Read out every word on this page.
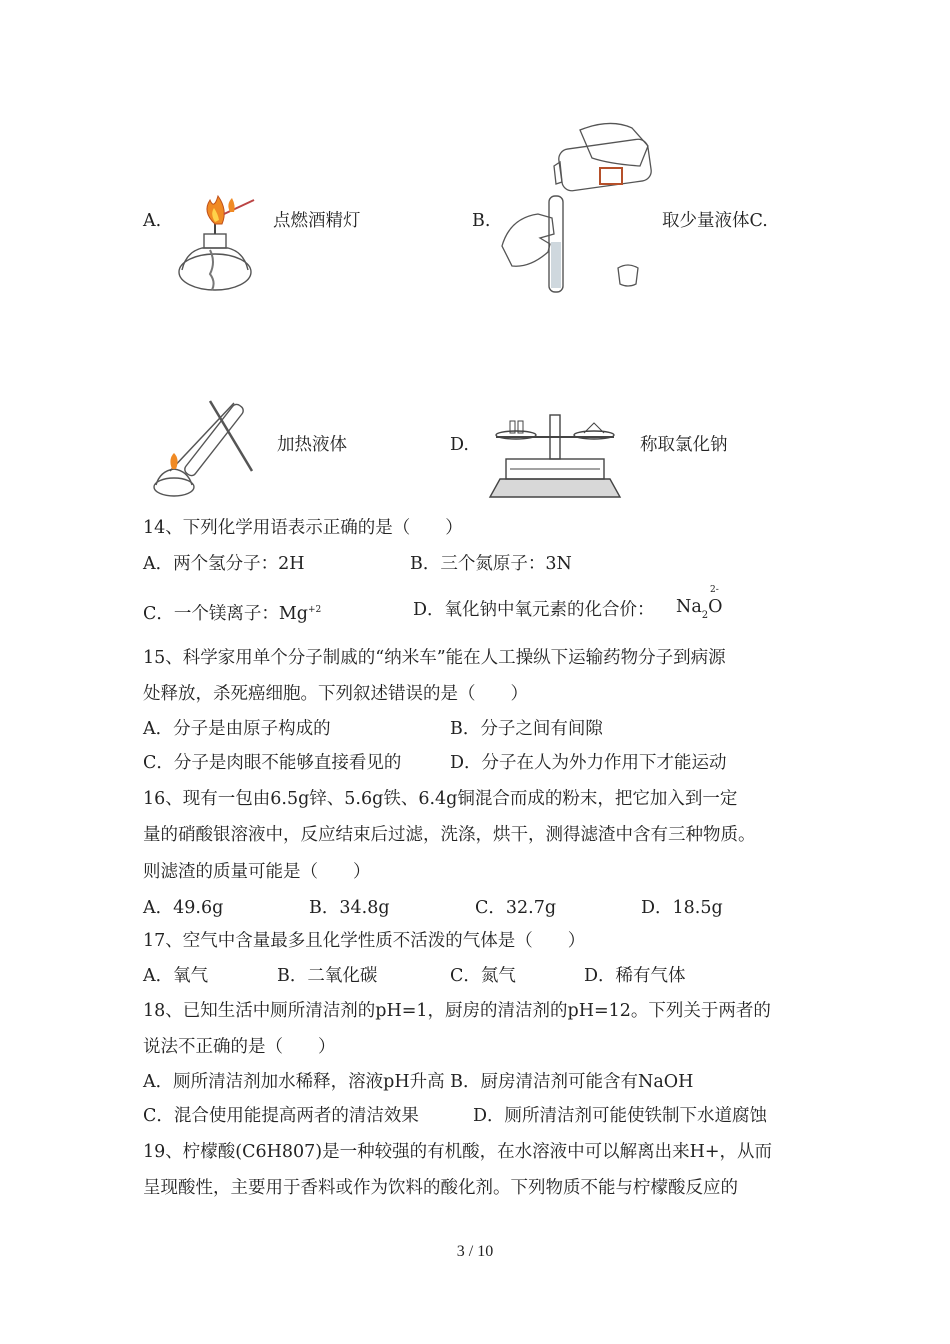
A.	点燃酒精灯	B.	取少量液体C.
加热液体	D.	称取氯化钠
14、下列化学用语表示正确的是（　　）
A．两个氢分子：2H	B．三个氮原子：3N
C．一个镁离子：$Mg^{+2}$	D．氧化钠中氧元素的化合价： $Na_2O$
2-
15、科学家用单个分子制戚的“纳米车”能在人工操纵下运输药物分子到病源
处释放，杀死癌细胞。下列叙述错误的是（　　）
A．分子是由原子构成的	B．分子之间有间隙
C．分子是肉眼不能够直接看见的	D．分子在人为外力作用下才能运动
16、现有一包由6.5g锌、5.6g铁、6.4g铜混合而成的粉末，把它加入到一定
量的硝酸银溶液中，反应结束后过滤，洗涤，烘干，测得滤渣中含有三种物质。
则滤渣的质量可能是（　　）
A．49.6g	B．34.8g	C．32.7g	D．18.5g
17、空气中含量最多且化学性质不活泼的气体是（　　）
A．氧气	B．二氧化碳	C．氮气	D．稀有气体
18、已知生活中厕所清洁剂的pH=1，厨房的清洁剂的pH=12。下列关于两者的
说法不正确的是（　　）
A．厕所清洁剂加水稀释，溶液pH升高 B．厨房清洁剂可能含有NaOH
C．混合使用能提高两者的清洁效果	D．厕所清洁剂可能使铁制下水道腐蚀
19、柠檬酸(C6H807)是一种较强的有机酸，在水溶液中可以解离出来H+，从而
呈现酸性，主要用于香料或作为饮料的酸化剂。下列物质不能与柠檬酸反应的
3 / 10
